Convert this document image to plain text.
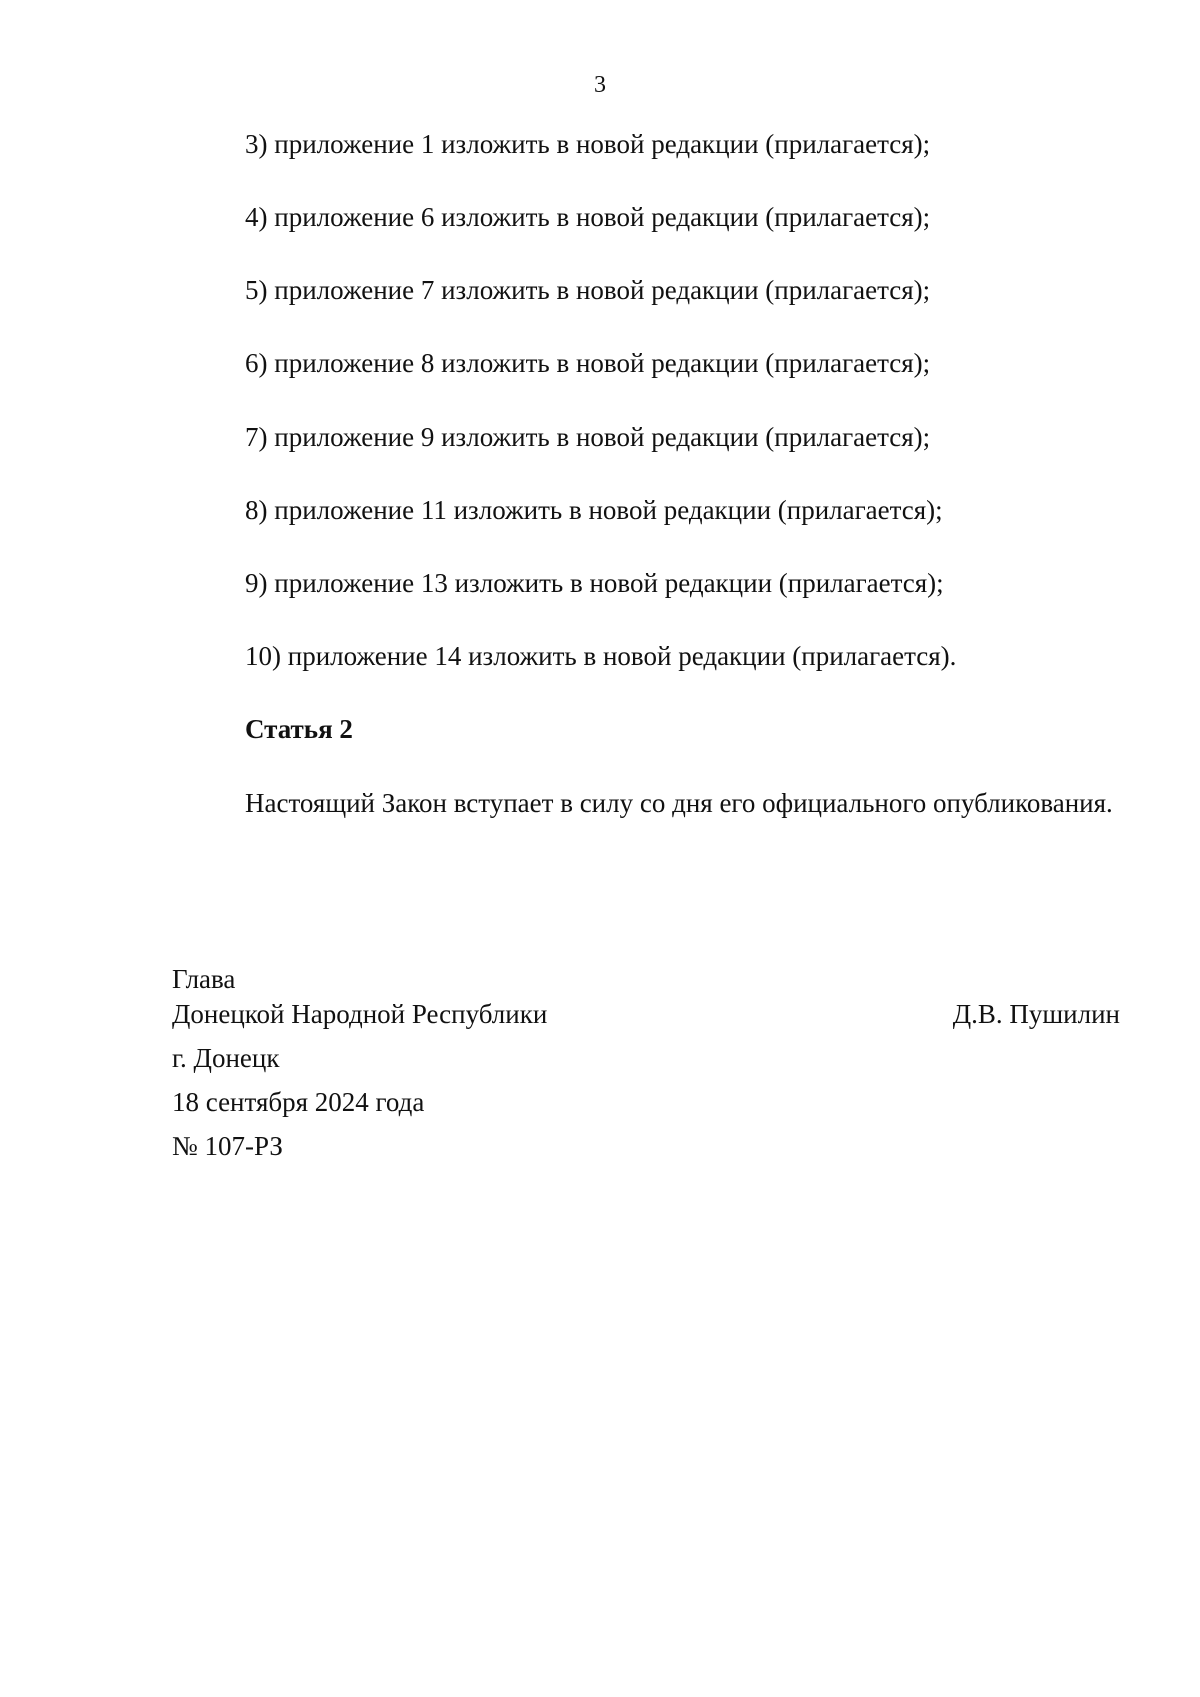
3
3) приложение 1 изложить в новой редакции (прилагается);
4) приложение 6 изложить в новой редакции (прилагается);
5) приложение 7 изложить в новой редакции (прилагается);
6) приложение 8 изложить в новой редакции (прилагается);
7) приложение 9 изложить в новой редакции (прилагается);
8) приложение 11 изложить в новой редакции (прилагается);
9) приложение 13 изложить в новой редакции (прилагается);
10) приложение 14 изложить в новой редакции (прилагается).
Статья 2
Настоящий Закон вступает в силу со дня его официального опубликования.
Глава
Донецкой Народной Республики	Д.В. Пушилин
г. Донецк
18 сентября 2024 года
№ 107-РЗ
